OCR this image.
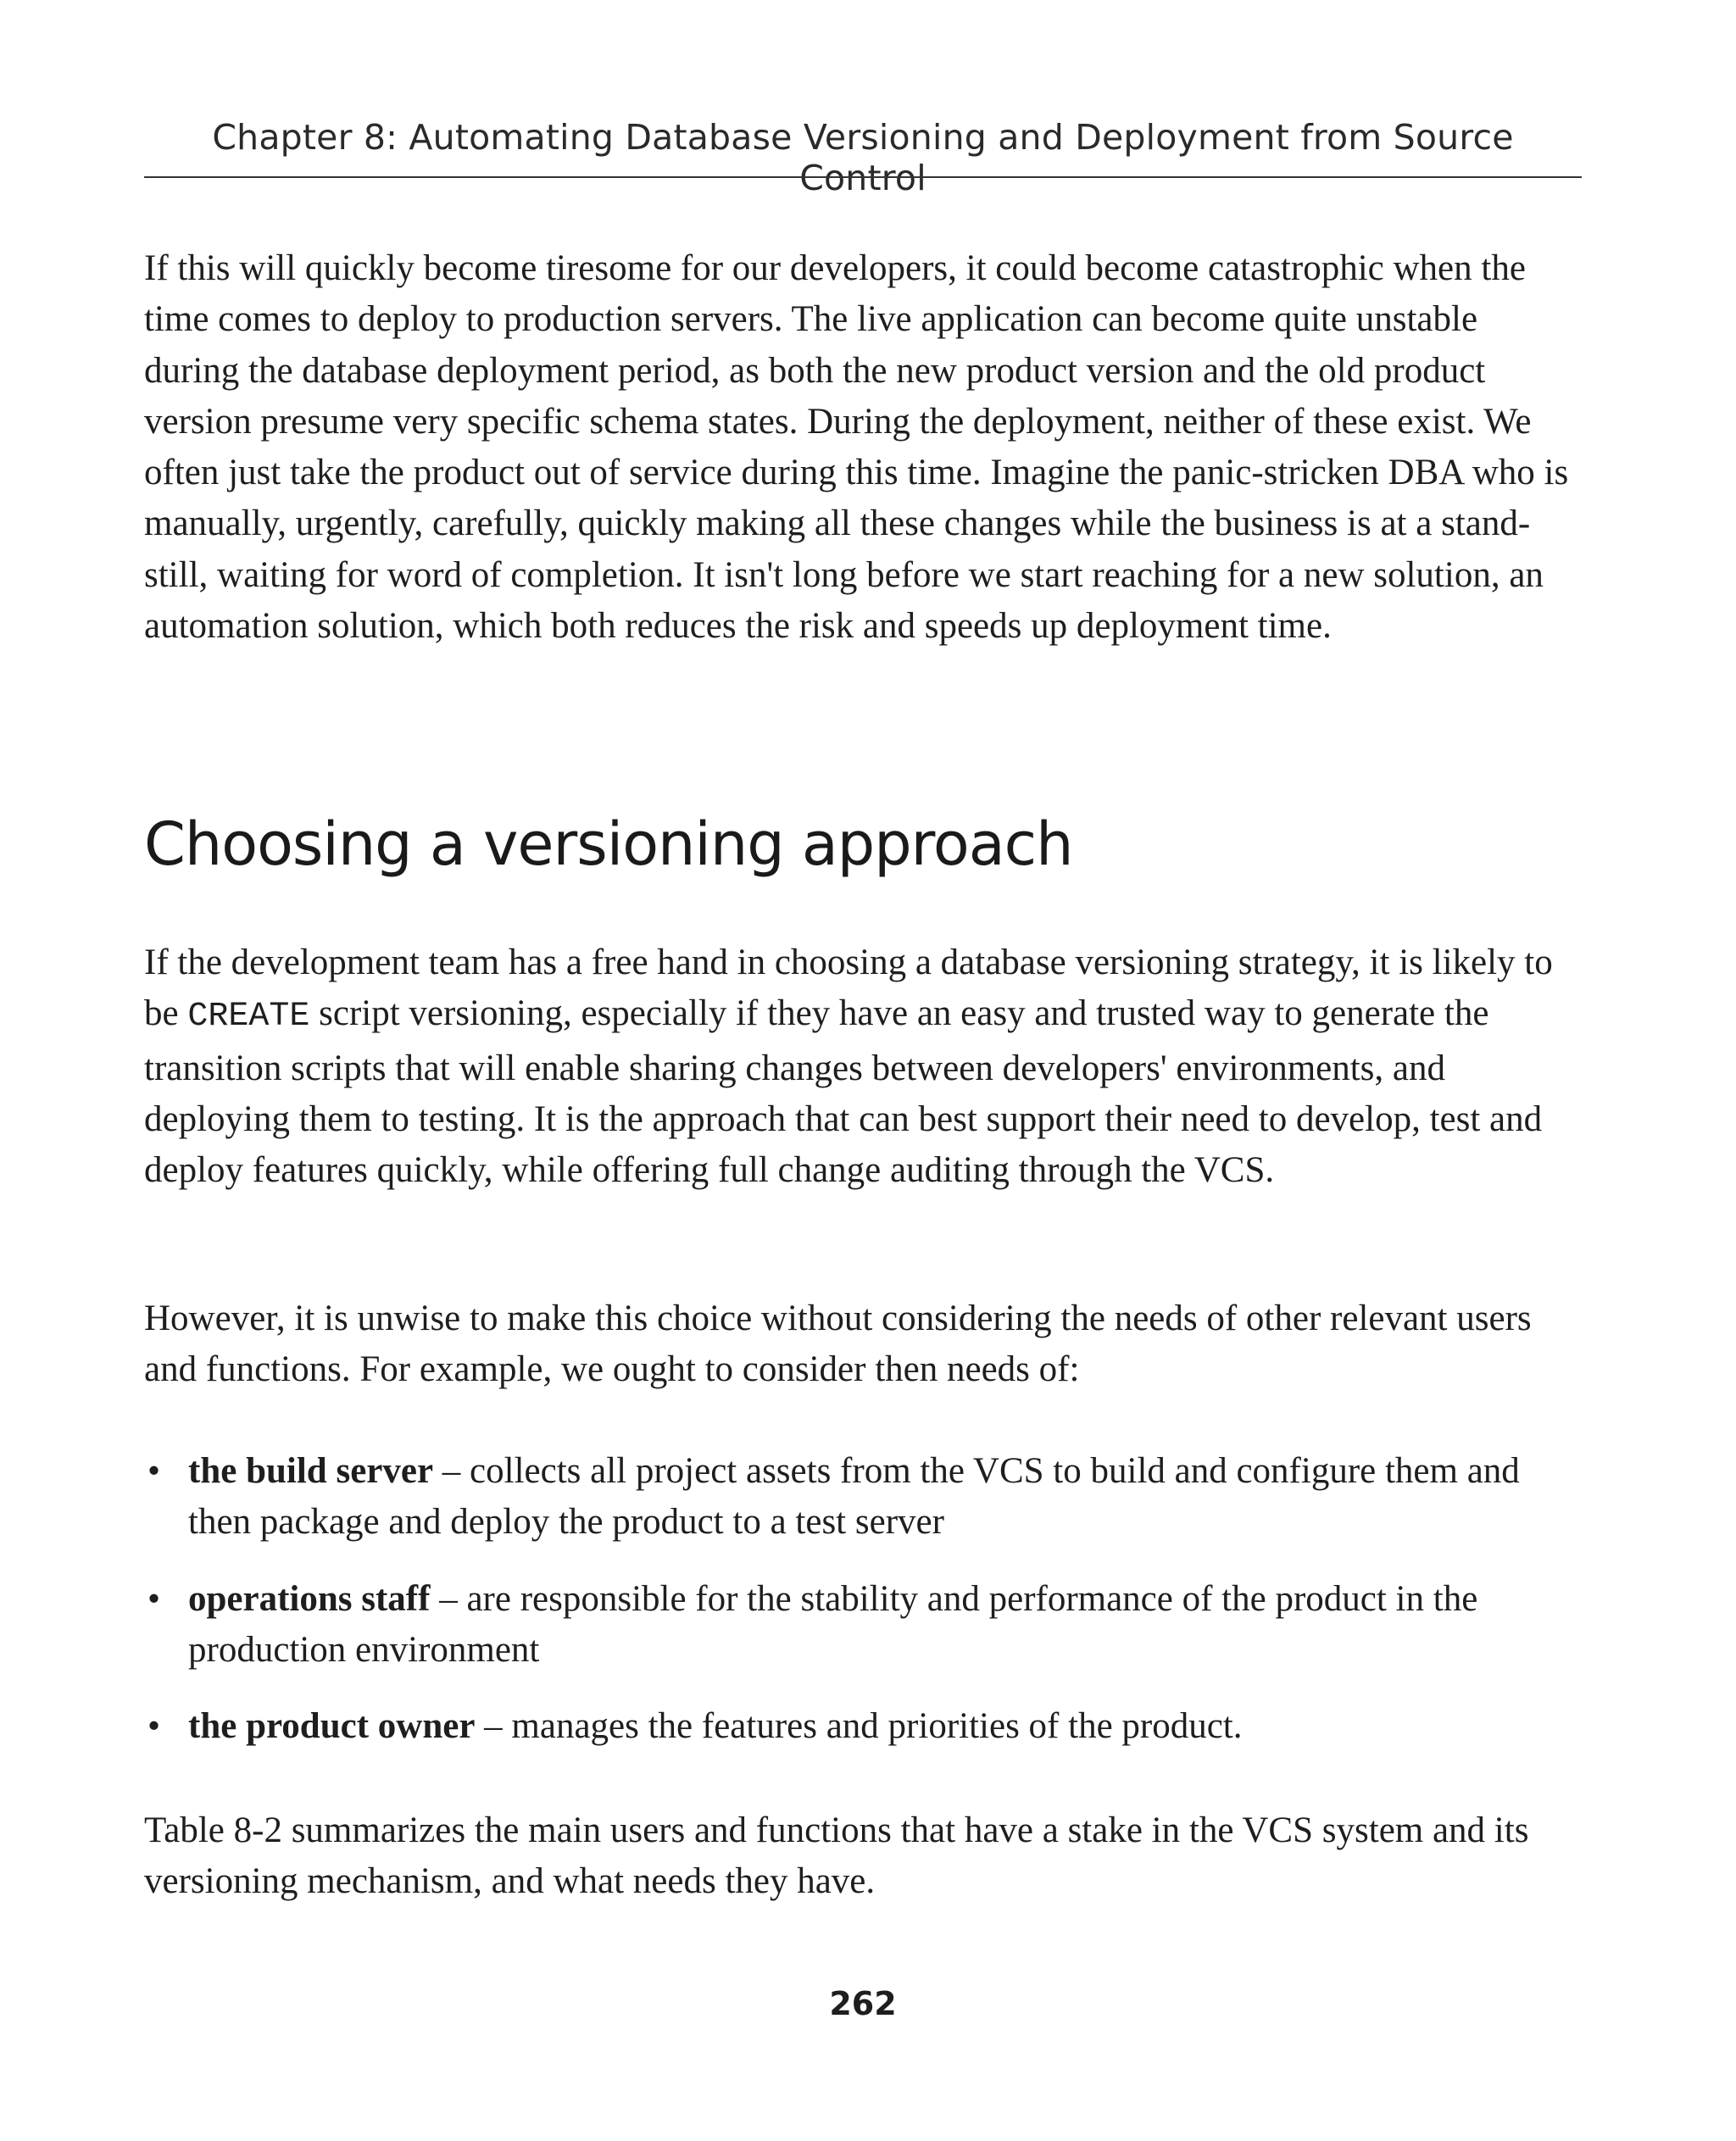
Chapter 8: Automating Database Versioning and Deployment from Source Control

If this will quickly become tiresome for our developers, it could become catastrophic when the time comes to deploy to production servers. The live application can become quite unstable during the database deployment period, as both the new product version and the old product version presume very specific schema states. During the deployment, neither of these exist. We often just take the product out of service during this time. Imagine the panic-stricken DBA who is manually, urgently, carefully, quickly making all these changes while the business is at a stand-still, waiting for word of completion. It isn't long before we start reaching for a new solution, an automation solution, which both reduces the risk and speeds up deployment time.

Choosing a versioning approach

If the development team has a free hand in choosing a database versioning strategy, it is likely to be CREATE script versioning, especially if they have an easy and trusted way to generate the transition scripts that will enable sharing changes between developers' environments, and deploying them to testing. It is the approach that can best support their need to develop, test and deploy features quickly, while offering full change auditing through the VCS.

However, it is unwise to make this choice without considering the needs of other relevant users and functions. For example, we ought to consider then needs of:

• the build server – collects all project assets from the VCS to build and configure them and then package and deploy the product to a test server
• operations staff – are responsible for the stability and performance of the product in the production environment
• the product owner – manages the features and priorities of the product.

Table 8-2 summarizes the main users and functions that have a stake in the VCS system and its versioning mechanism, and what needs they have.

262
